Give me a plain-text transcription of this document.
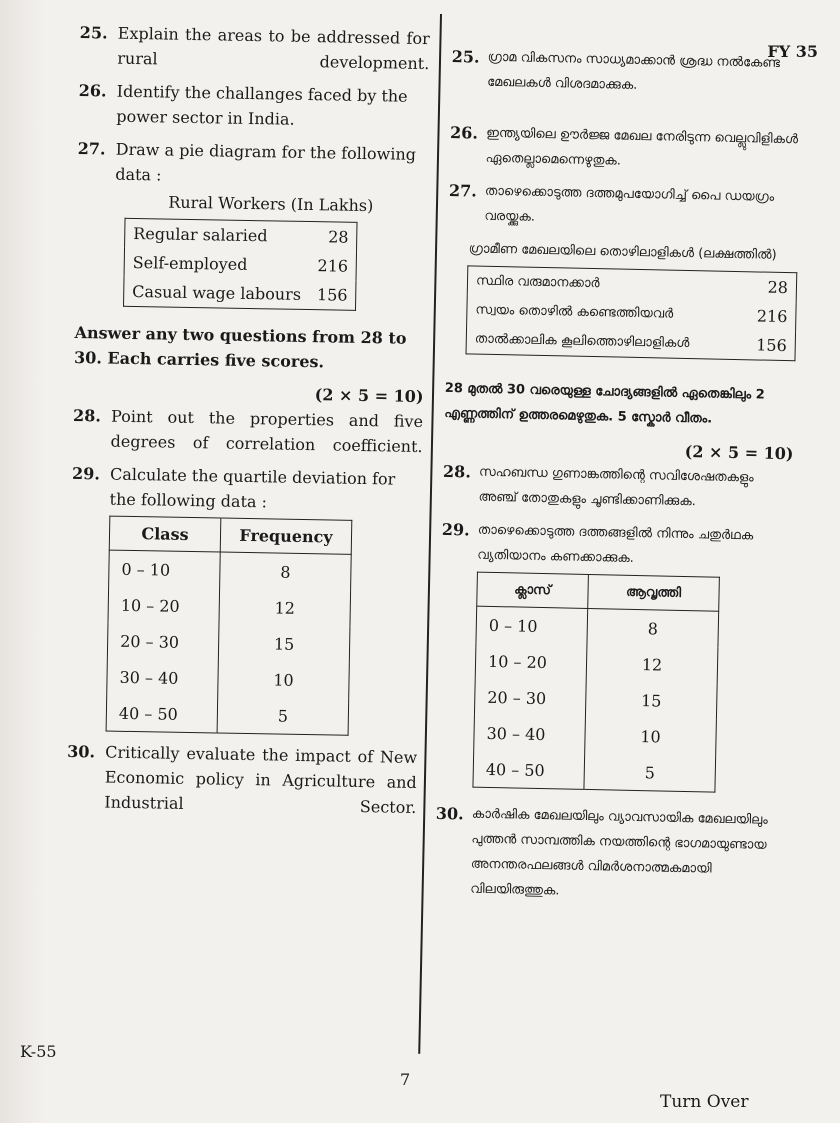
FY 35
25. Explain the areas to be addressed for rural development.
26. Identify the challanges faced by the power sector in India.
27. Draw a pie diagram for the following data :
Rural Workers (In Lakhs)
Regular salaried	28
Self-employed	216
Casual wage labours	156
Answer any two questions from 28 to 30. Each carries five scores.
(2 × 5 = 10)
28. Point out the properties and five degrees of correlation coefficient.
29. Calculate the quartile deviation for the following data :
Class	Frequency
0 – 10	8
10 – 20	12
20 – 30	15
30 – 40	10
40 – 50	5
30. Critically evaluate the impact of New Economic policy in Agriculture and Industrial Sector.
25. ഗ്രാമ വികസനം സാധ്യമാക്കാൻ ശ്രദ്ധ നൽകേണ്ട മേഖലകൾ വിശദമാക്കുക.
26. ഇന്ത്യയിലെ ഊർജ്ജ മേഖല നേരിടുന്ന വെല്ലുവിളികൾ ഏതെല്ലാമെന്നെഴുതുക.
27. താഴെക്കൊടുത്ത ദത്തമുപയോഗിച്ച് പൈ ഡയഗ്രം വരയ്ക്കുക.
ഗ്രാമീണ മേഖലയിലെ തൊഴിലാളികൾ (ലക്ഷത്തിൽ)
സ്ഥിര വരുമാനക്കാർ	28
സ്വയം തൊഴിൽ കണ്ടെത്തിയവർ	216
താൽക്കാലിക കൂലിത്തൊഴിലാളികൾ	156
28 മുതൽ 30 വരെയുള്ള ചോദ്യങ്ങളിൽ ഏതെങ്കിലും 2 എണ്ണത്തിന് ഉത്തരമെഴുതുക. 5 സ്കോർ വീതം.
(2 × 5 = 10)
28. സഹബന്ധ ഗുണാങ്കത്തിന്റെ സവിശേഷതകളും അഞ്ച് തോതുകളും ചൂണ്ടിക്കാണിക്കുക.
29. താഴെക്കൊടുത്ത ദത്തങ്ങളിൽ നിന്നും ചതുർഥക വ്യതിയാനം കണക്കാക്കുക.
ക്ലാസ്	ആവൃത്തി
0 – 10	8
10 – 20	12
20 – 30	15
30 – 40	10
40 – 50	5
30. കാർഷിക മേഖലയിലും വ്യാവസായിക മേഖലയിലും പുത്തൻ സാമ്പത്തിക നയത്തിന്റെ ഭാഗമായുണ്ടായ അനന്തരഫലങ്ങൾ വിമർശനാത്മകമായി വിലയിരുത്തുക.
K-55
7
Turn Over
